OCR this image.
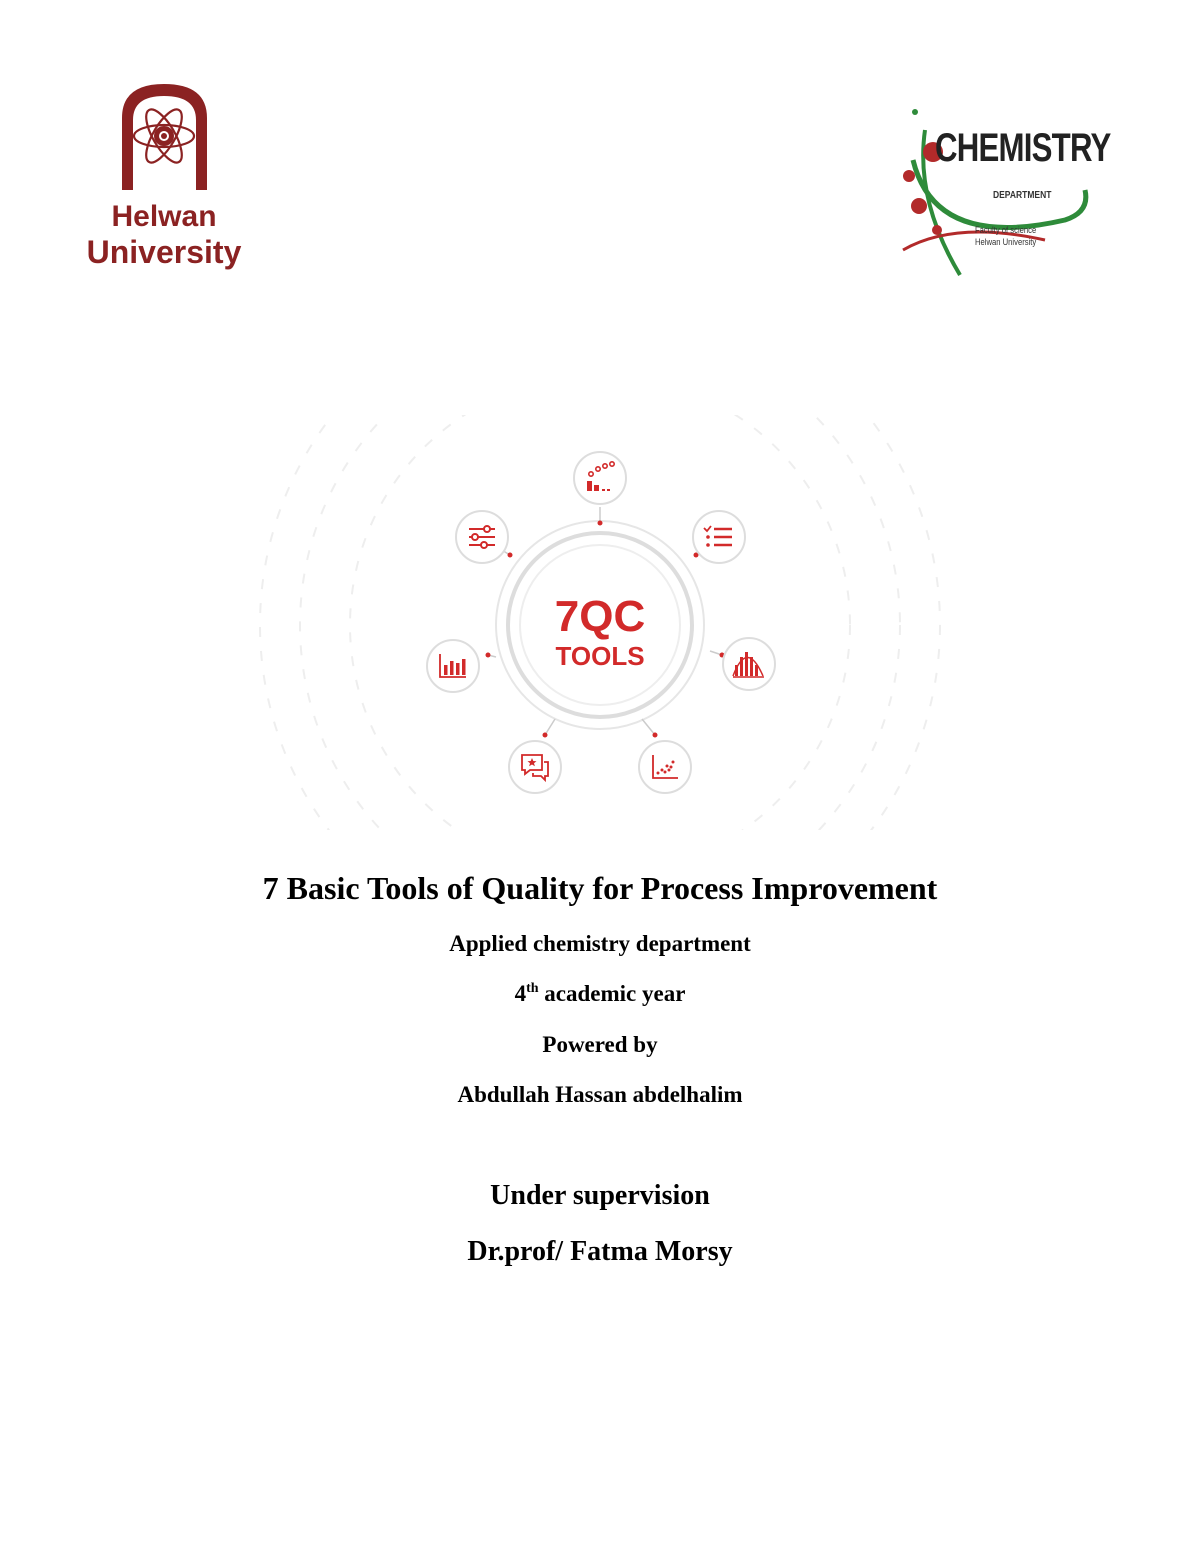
Helwan
University
CHEMISTRY
DEPARTMENT
Faculty of science
Helwan University
7QC
TOOLS
7 Basic Tools of Quality for Process Improvement
Applied chemistry department
4th academic year
Powered by
Abdullah Hassan abdelhalim
Under supervision
Dr.prof/ Fatma Morsy
